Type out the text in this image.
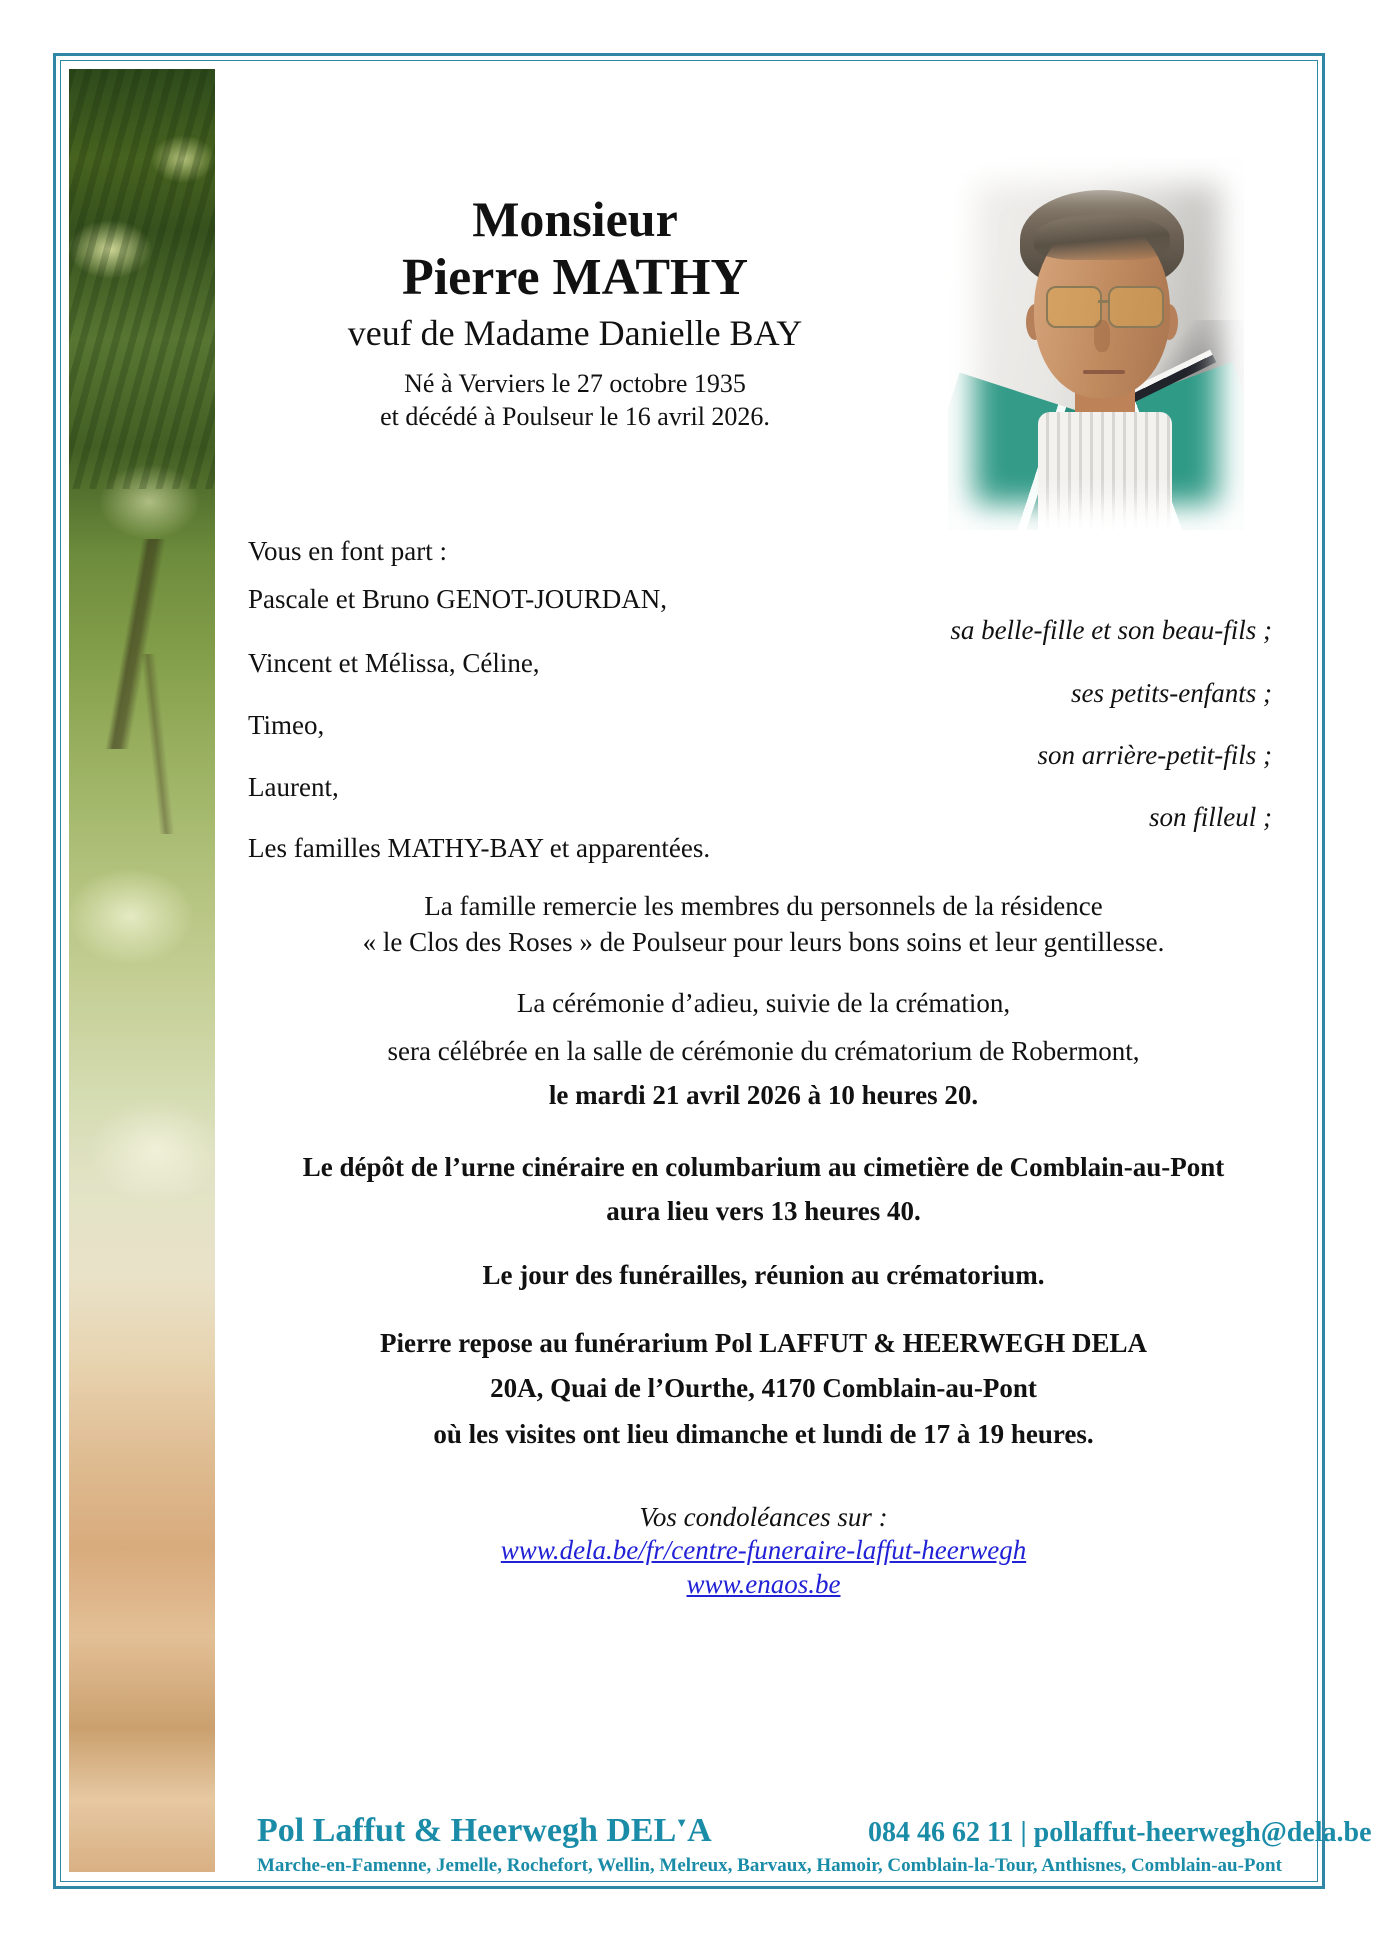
Monsieur
Pierre MATHY
veuf de Madame Danielle BAY
Né à Verviers le 27 octobre 1935
et décédé à Poulseur le 16 avril 2026.
Vous en font part :
Pascale et Bruno GENOT-JOURDAN,
sa belle-fille et son beau-fils ;
Vincent et Mélissa, Céline,
ses petits-enfants ;
Timeo,
son arrière-petit-fils ;
Laurent,
son filleul ;
Les familles MATHY-BAY et apparentées.
La famille remercie les membres du personnels de la résidence
« le Clos des Roses » de Poulseur pour leurs bons soins et leur gentillesse.
La cérémonie d’adieu, suivie de la crémation,
sera célébrée en la salle de cérémonie du crématorium de Robermont,
le mardi 21 avril 2026 à 10 heures 20.
Le dépôt de l’urne cinéraire en columbarium au cimetière de Comblain-au-Pont
aura lieu vers 13 heures 40.
Le jour des funérailles, réunion au crématorium.
Pierre repose au funérarium Pol LAFFUT & HEERWEGH DELA
20A, Quai de l’Ourthe, 4170 Comblain-au-Pont
où les visites ont lieu dimanche et lundi de 17 à 19 heures.
Vos condoléances sur :
www.dela.be/fr/centre-funeraire-laffut-heerwegh
www.enaos.be
Pol Laffut & Heerwegh DEL▼A	084 46 62 11 | pollaffut-heerwegh@dela.be
Marche-en-Famenne, Jemelle, Rochefort, Wellin, Melreux, Barvaux, Hamoir, Comblain-la-Tour, Anthisnes, Comblain-au-Pont
